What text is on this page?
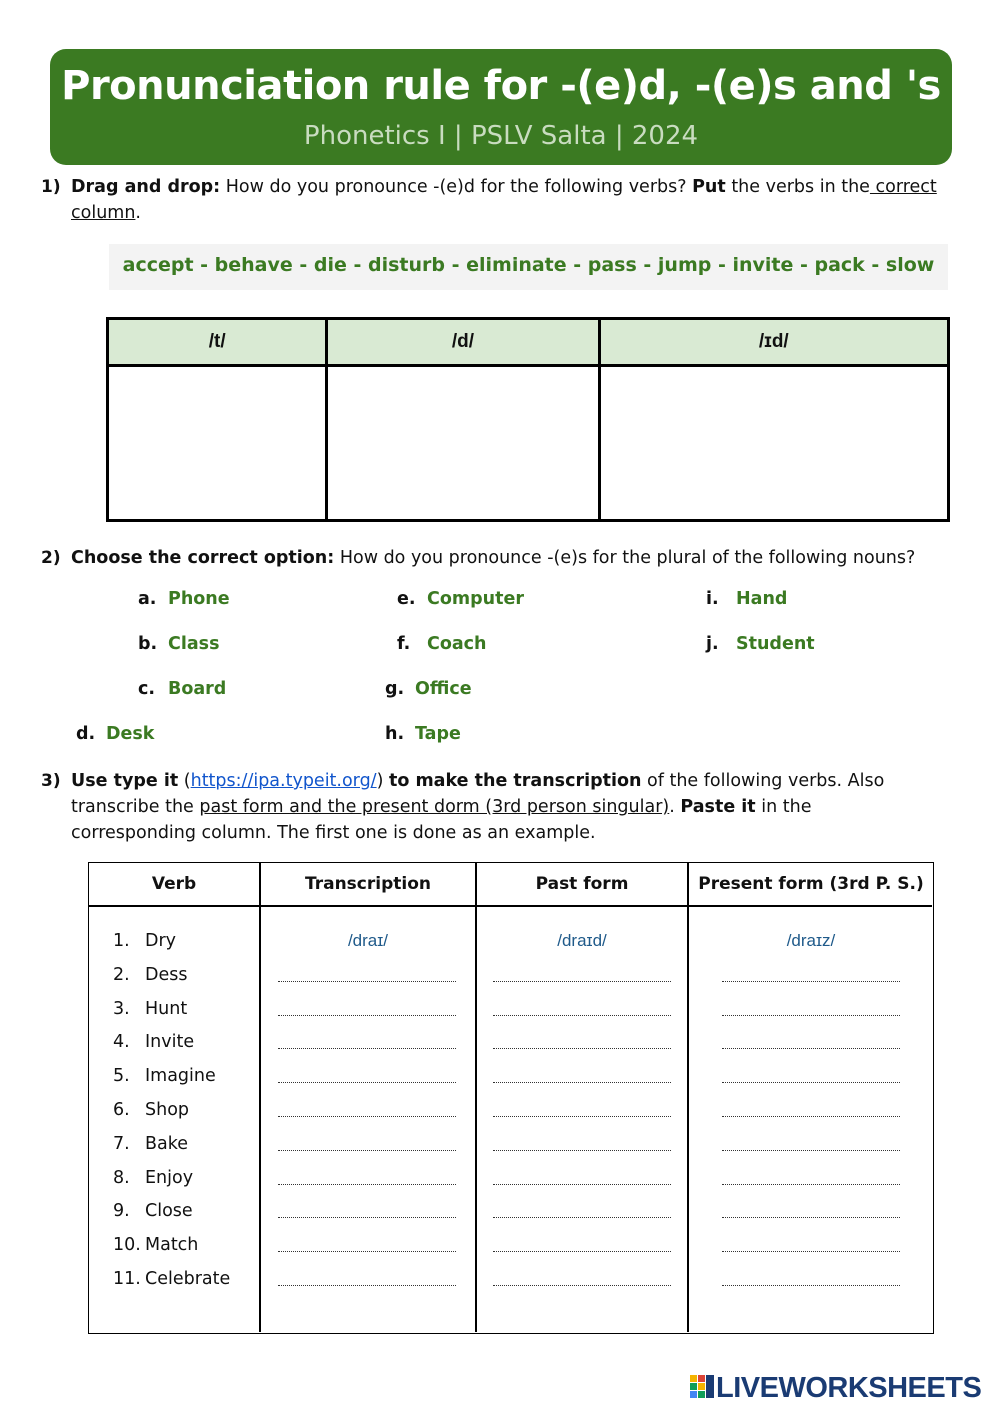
Pronunciation rule for -(e)d, -(e)s and 's
Phonetics I | PSLV Salta | 2024
1) Drag and drop: How do you pronounce -(e)d for the following verbs? Put the verbs in the correct column.
accept - behave - die - disturb - eliminate - pass - jump - invite - pack - slow
/t/	/d/	/ɪd/

2) Choose the correct option: How do you pronounce -(e)s for the plural of the following nouns?
a. Phone
b. Class
c. Board
d. Desk
e. Computer
f. Coach
g. Office
h. Tape
i. Hand
j. Student
3) Use type it (https://ipa.typeit.org/) to make the transcription of the following verbs. Also
transcribe the past form and the present dorm (3rd person singular). Paste it in the
corresponding column. The first one is done as an example.
Verb	Transcription	Past form	Present form (3rd P. S.)
1. Dry	/draɪ/	/draɪd/	/draɪz/
2. Dess
3. Hunt
4. Invite
5. Imagine
6. Shop
7. Bake
8. Enjoy
9. Close
10. Match
11. Celebrate
LIVEWORKSHEETS
